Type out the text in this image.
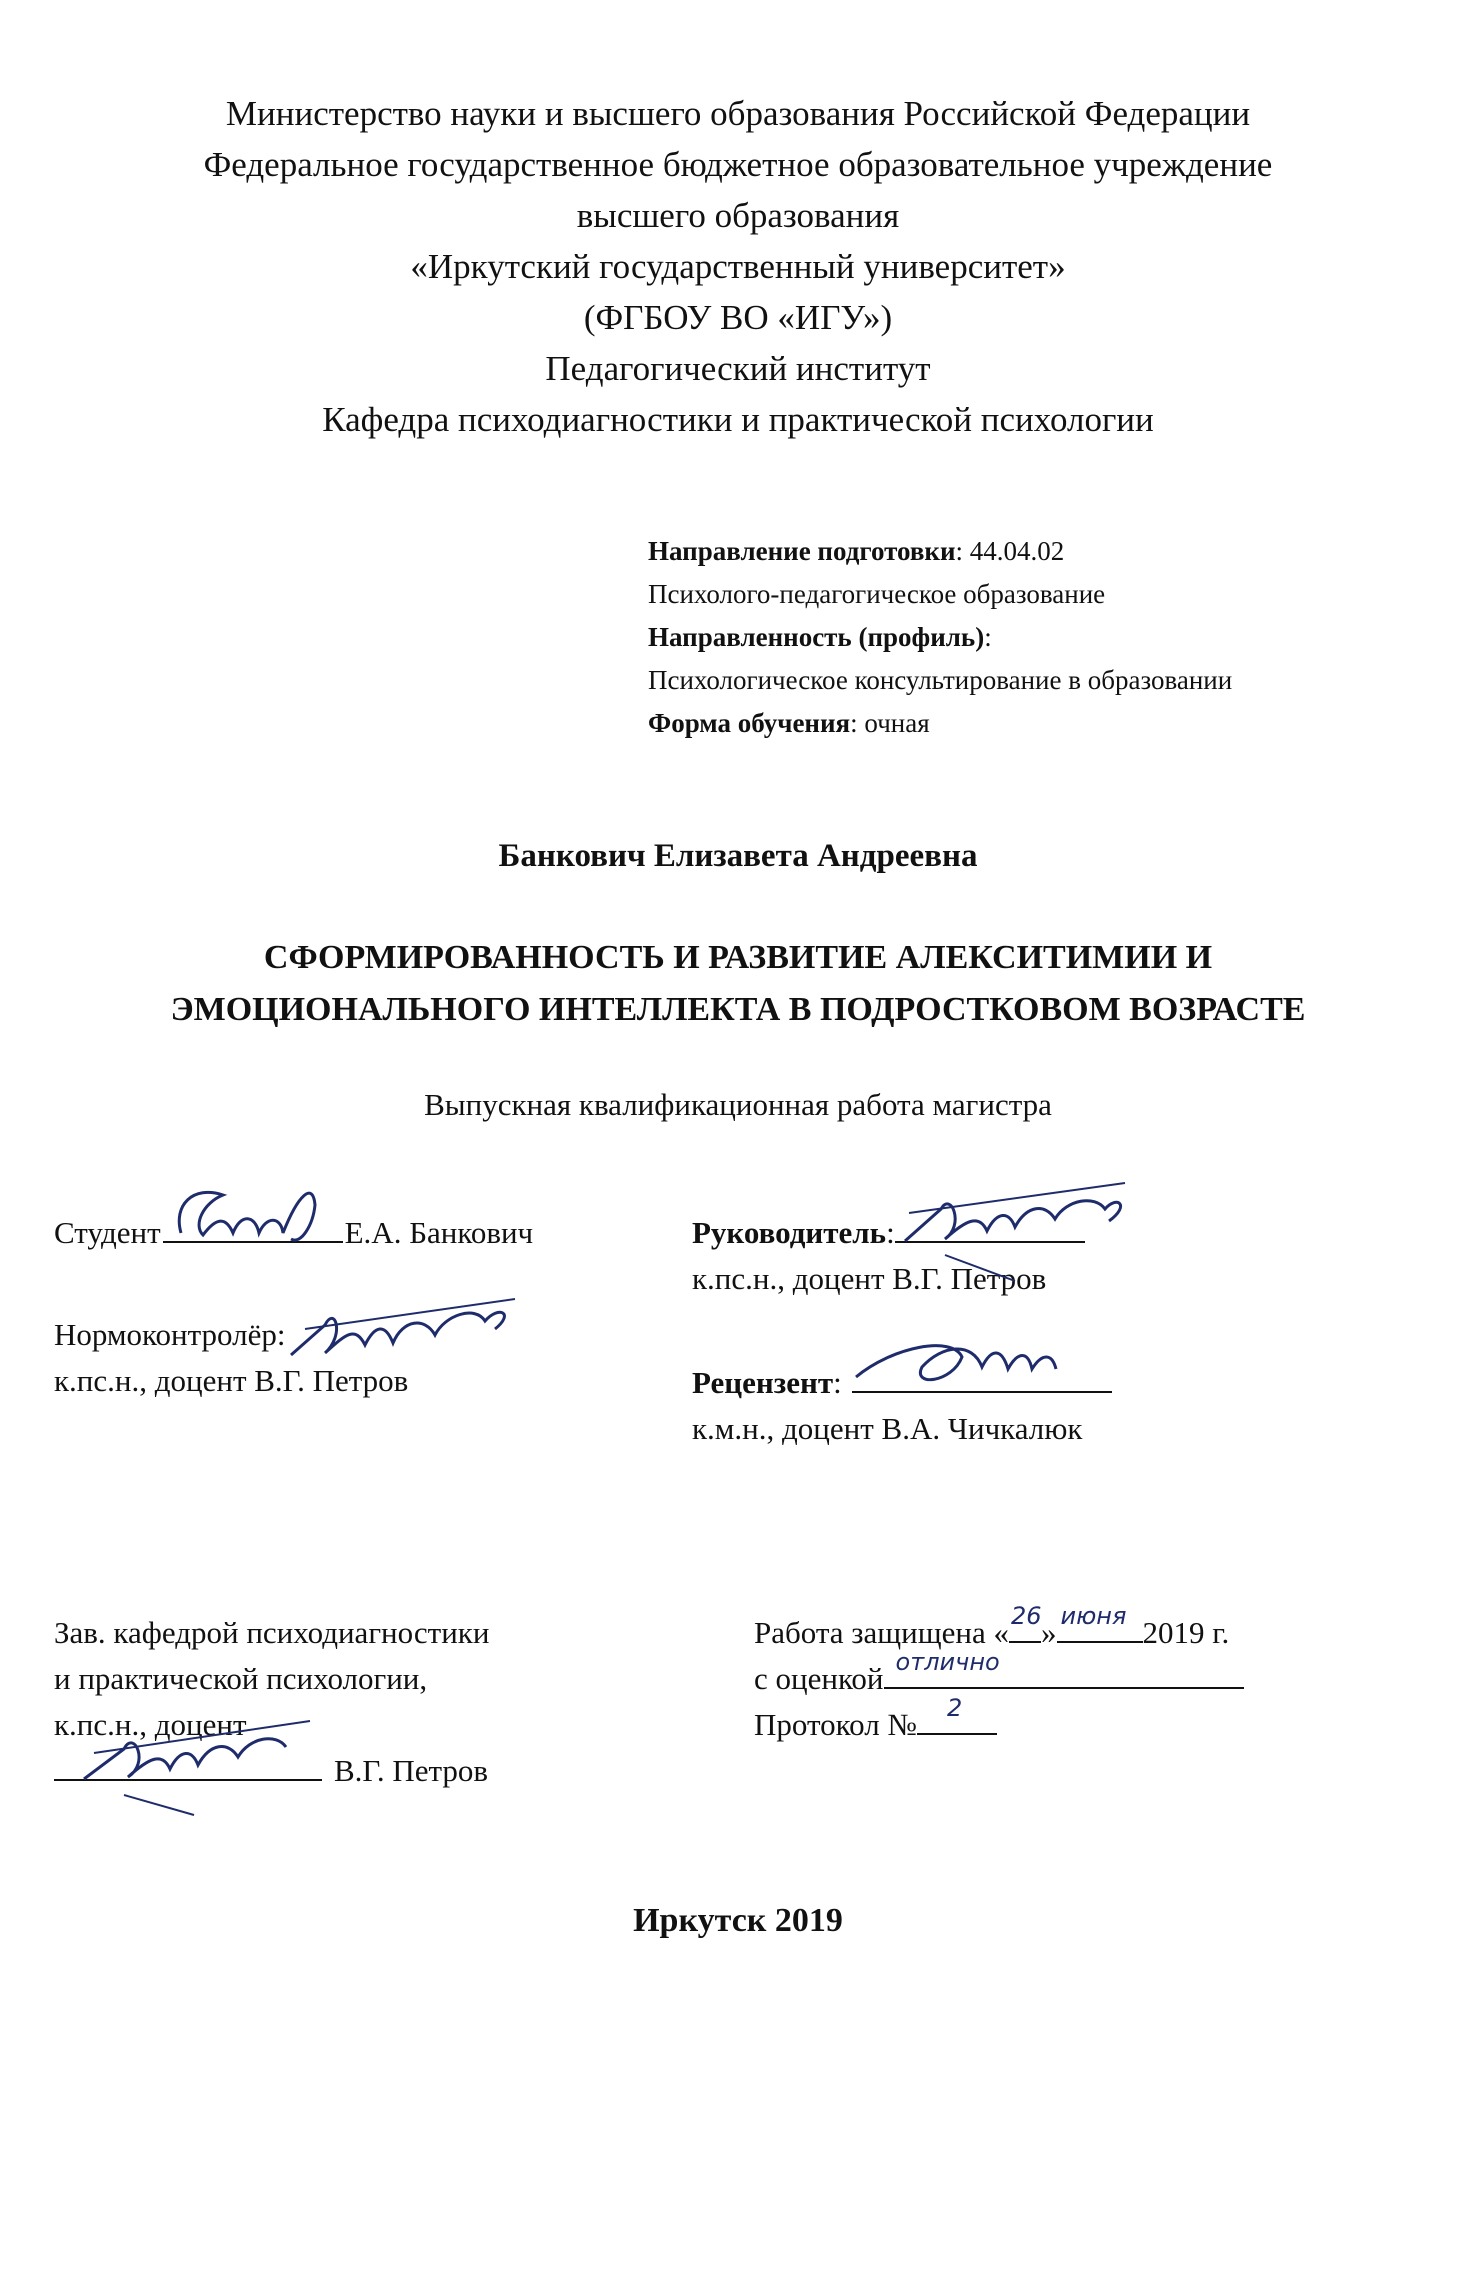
Министерство науки и высшего образования Российской Федерации
Федеральное государственное бюджетное образовательное учреждение
высшего образования
«Иркутский государственный университет»
(ФГБОУ ВО «ИГУ»)
Педагогический институт
Кафедра психодиагностики и практической психологии
Направление подготовки: 44.04.02
Психолого-педагогическое образование
Направленность (профиль):
Психологическое консультирование в образовании
Форма обучения: очная
Банкович Елизавета Андреевна
СФОРМИРОВАННОСТЬ И РАЗВИТИЕ АЛЕКСИТИМИИ И
ЭМОЦИОНАЛЬНОГО ИНТЕЛЛЕКТА В ПОДРОСТКОВОМ ВОЗРАСТЕ
Выпускная квалификационная работа магистра
Студент	Е.А. Банкович
Нормоконтролёр:
к.пс.н., доцент В.Г. Петров
Руководитель:
к.пс.н., доцент В.Г. Петров
Рецензент:
к.м.н., доцент В.А. Чичкалюк
Зав. кафедрой психодиагностики
и практической психологии,
к.пс.н., доцент
В.Г. Петров
Работа защищена « 26 » июня 2019 г.
с оценкой отлично
Протокол № 2
Иркутск 2019
